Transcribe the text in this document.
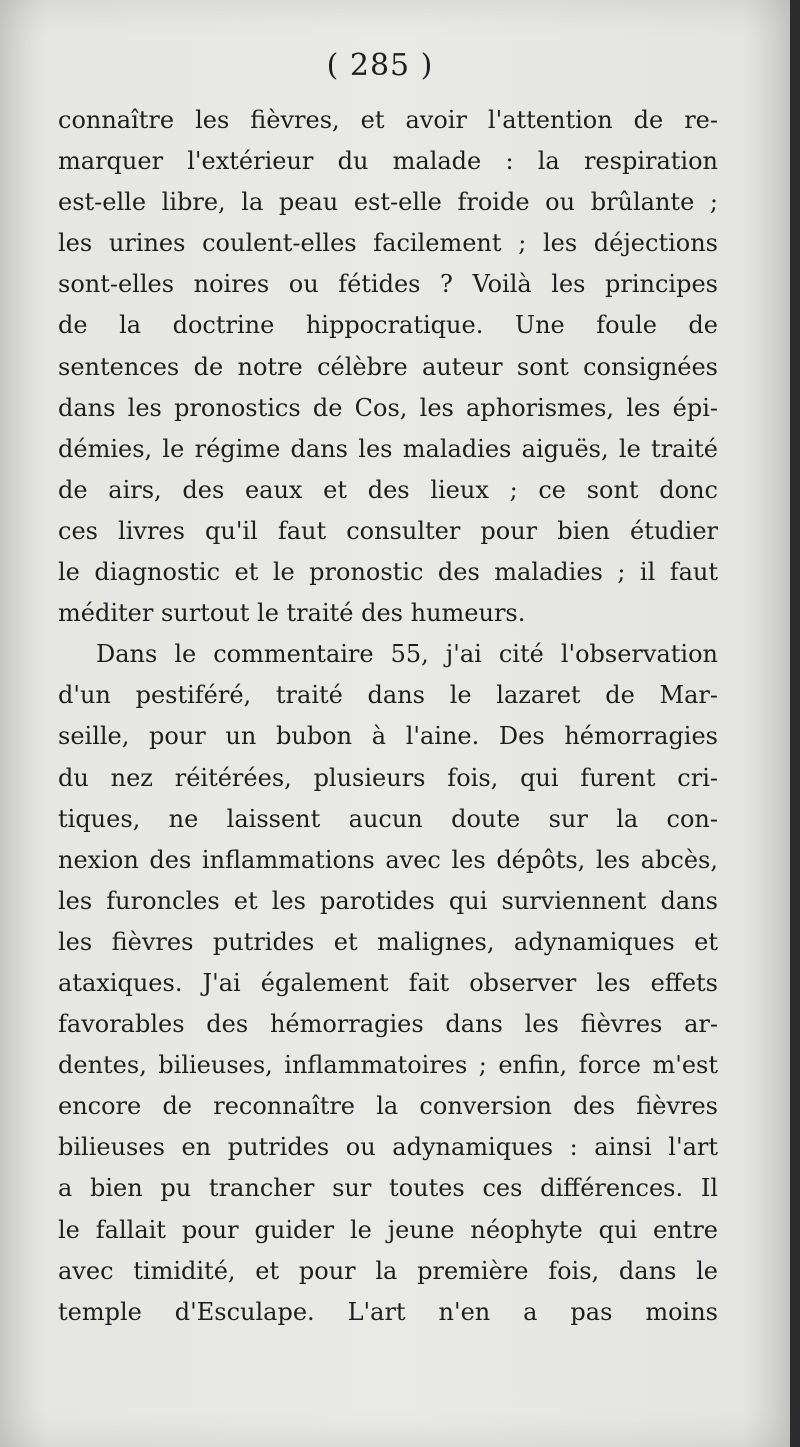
( 285 )
connaître les fièvres, et avoir l'attention de re-
marquer l'extérieur du malade : la respiration
est-elle libre, la peau est-elle froide ou brûlante ;
les urines coulent-elles facilement ; les déjections
sont-elles noires ou fétides ? Voilà les principes
de la doctrine hippocratique. Une foule de
sentences de notre célèbre auteur sont consignées
dans les pronostics de Cos, les aphorismes, les épi-
démies, le régime dans les maladies aiguës, le traité
de airs, des eaux et des lieux ; ce sont donc
ces livres qu'il faut consulter pour bien étudier
le diagnostic et le pronostic des maladies ; il faut
méditer surtout le traité des humeurs.
Dans le commentaire 55, j'ai cité l'observation
d'un pestiféré, traité dans le lazaret de Mar-
seille, pour un bubon à l'aine. Des hémorragies
du nez réitérées, plusieurs fois, qui furent cri-
tiques, ne laissent aucun doute sur la con-
nexion des inflammations avec les dépôts, les abcès,
les furoncles et les parotides qui surviennent dans
les fièvres putrides et malignes, adynamiques et
ataxiques. J'ai également fait observer les effets
favorables des hémorragies dans les fièvres ar-
dentes, bilieuses, inflammatoires ; enfin, force m'est
encore de reconnaître la conversion des fièvres
bilieuses en putrides ou adynamiques : ainsi l'art
a bien pu trancher sur toutes ces différences. Il
le fallait pour guider le jeune néophyte qui entre
avec timidité, et pour la première fois, dans le
temple d'Esculape. L'art n'en a pas moins
